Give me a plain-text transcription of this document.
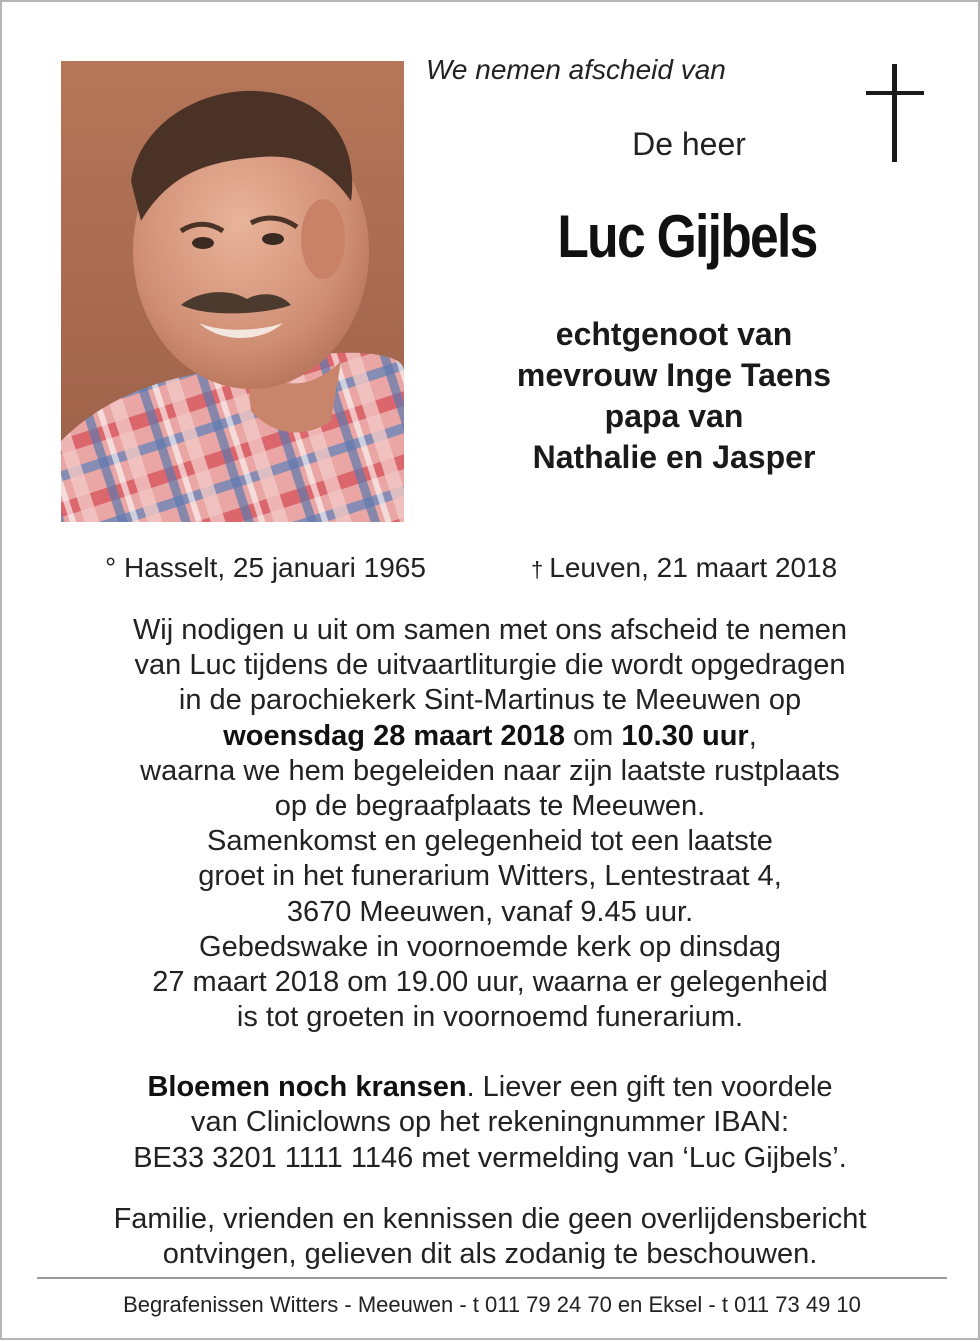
We nemen afscheid van
De heer
Luc Gijbels
echtgenoot van
mevrouw Inge Taens
papa van
Nathalie en Jasper
° Hasselt, 25 januari 1965	† Leuven, 21 maart 2018
Wij nodigen u uit om samen met ons afscheid te nemen
van Luc tijdens de uitvaartliturgie die wordt opgedragen
in de parochiekerk Sint-Martinus te Meeuwen op
woensdag 28 maart 2018 om 10.30 uur,
waarna we hem begeleiden naar zijn laatste rustplaats
op de begraafplaats te Meeuwen.
Samenkomst en gelegenheid tot een laatste
groet in het funerarium Witters, Lentestraat 4,
3670 Meeuwen, vanaf 9.45 uur.
Gebedswake in voornoemde kerk op dinsdag
27 maart 2018 om 19.00 uur, waarna er gelegenheid
is tot groeten in voornoemd funerarium.
Bloemen noch kransen. Liever een gift ten voordele
van Cliniclowns op het rekeningnummer IBAN:
BE33 3201 1111 1146 met vermelding van ‘Luc Gijbels’.
Familie, vrienden en kennissen die geen overlijdensbericht
ontvingen, gelieven dit als zodanig te beschouwen.
Begrafenissen Witters - Meeuwen - t 011 79 24 70 en Eksel - t 011 73 49 10
